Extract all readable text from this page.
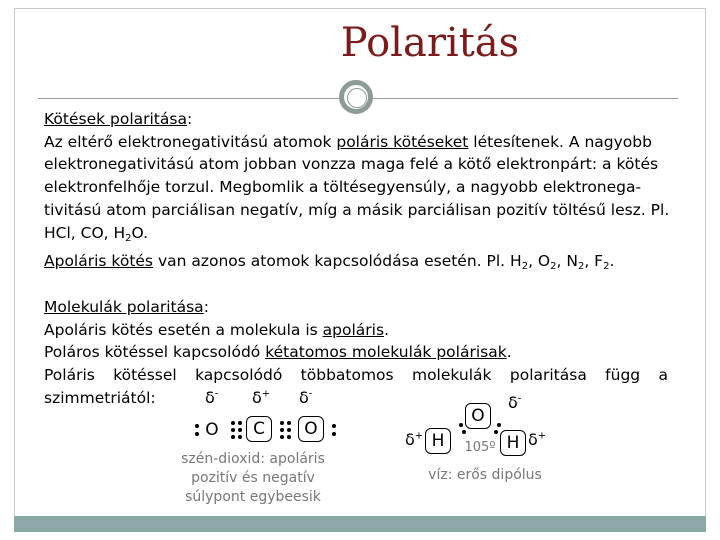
Polaritás
Kötések polaritása:
Az eltérő elektronegativitású atomok poláris kötéseket létesítenek. A nagyobb
elektronegativitású atom jobban vonzza maga felé a kötő elektronpárt: a kötés
elektronfelhője torzul. Megbomlik a töltésegyensúly, a nagyobb elektronega-
tivitású atom parciálisan negatív, míg a másik parciálisan pozitív töltésű lesz. Pl.
HCl, CO, $H_2O$.
Apoláris kötés van azonos atomok kapcsolódása esetén. Pl. $H_2$, $O_2$, $N_2$, $F_2$.
Molekulák polaritása:
Apoláris kötés esetén a molekula is apoláris.
Poláros kötéssel kapcsolódó kétatomos molekulák polárisak.
Poláris kötéssel kapcsolódó többatomos molekulák polaritása függ a
szimmetriától:	δ- δ+ δ-
O	C	O
szén-dioxid: apoláris
pozitív és negatív
súlypont egybeesik
δ-
O
δ+ H	105º H δ+
víz: erős dipólus
